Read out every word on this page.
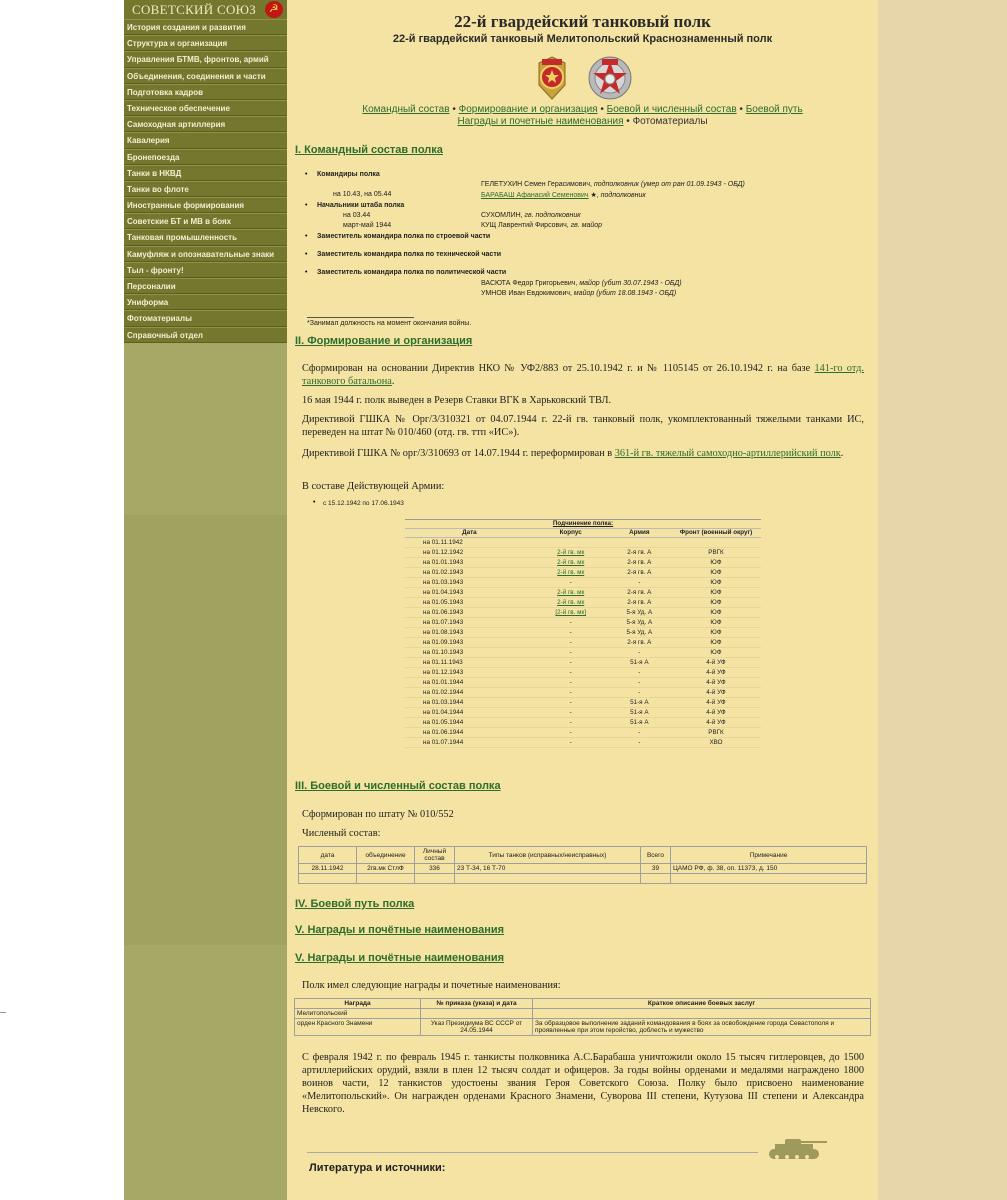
СОВЕТСКИЙ СОЮЗ	☭
История создания и развития
Структура и организация
Управления БТМВ, фронтов, армий
Объединения, соединения и части
Подготовка кадров
Техническое обеспечение
Самоходная артиллерия
Кавалерия
Бронепоезда
Танки в НКВД
Танки во флоте
Иностранные формирования
Советские БТ и МВ в боях
Танковая промышленность
Камуфляж и опознавательные знаки
Тыл - фронту!
Персоналии
Униформа
Фотоматериалы
Справочный отдел
22-й гвардейский танковый полк
22-й гвардейский танковый Мелитопольский Краснознаменный полк
Командный состав • Формирование и организация • Боевой и численный состав • Боевой путь
Награды и почетные наименования • Фотоматериалы
I. Командный состав полка
• Командиры полка
ГЕЛЕТУХИН Семен Герасимович, подполковник (умер от ран 01.09.1943 - ОБД)
на 10.43, на 05.44	БАРАБАШ Афанасий Семенович ★, подполковник
• Начальники штаба полка
на 03.44	СУХОМЛИН, гв. подполковник
март-май 1944	КУЩ Лаврентий Фирсович, гв. майор
• Заместитель командира полка по строевой части
• Заместитель командира полка по технической части
• Заместитель командира полка по политической части
ВАСЮТА Федор Григорьевич, майор (убит 30.07.1943 - ОБД)
УМНОВ Иван Евдокимович, майор (убит 18.08.1943 - ОБД)
*Занимал должность на момент окончания войны.
II. Формирование и организация
Сформирован на основании Директив НКО № УФ2/883 от 25.10.1942 г. и № 1105145 от 26.10.1942 г. на базе 141-го отд. танкового батальона.
16 мая 1944 г. полк выведен в Резерв Ставки ВГК в Харьковский ТВЛ.
Директивой ГШКА № Орг/3/310321 от 04.07.1944 г. 22-й гв. танковый полк, укомплектованный тяжелыми танками ИС, переведен на штат № 010/460 (отд. гв. ттп «ИС»).
Директивой ГШКА № орг/3/310693 от 14.07.1944 г. переформирован в 361-й гв. тяжелый самоходно-артиллерийский полк.
В составе Действующей Армии:
• с 15.12.1942 по 17.06.1943
Подчинение полка:			
Дата	Корпус	Армия	Фронт (военный округ)
на 01.11.1942			
на 01.12.1942	2-й гв. мк	2-я гв. А	РВГК
на 01.01.1943	2-й гв. мк	2-я гв. А	ЮФ
на 01.02.1943	2-й гв. мк	2-я гв. А	ЮФ
на 01.03.1943	-	-	ЮФ
на 01.04.1943	2-й гв. мк	2-я гв. А	ЮФ
на 01.05.1943	2-й гв. мк	2-я гв. А	ЮФ
на 01.06.1943	[2-й гв. мк]	5-я Уд. А	ЮФ
на 01.07.1943	-	5-я Уд. А	ЮФ
на 01.08.1943	-	5-я Уд. А	ЮФ
на 01.09.1943	-	2-я гв. А	ЮФ
на 01.10.1943	-	-	ЮФ
на 01.11.1943	-	51-я А	4-й УФ
на 01.12.1943	-	-	4-й УФ
на 01.01.1944	-	-	4-й УФ
на 01.02.1944	-	-	4-й УФ
на 01.03.1944	-	51-я А	4-й УФ
на 01.04.1944	-	51-я А	4-й УФ
на 01.05.1944	-	51-я А	4-й УФ
на 01.06.1944	-	-	РВГК
на 01.07.1944	-	-	ХВО
III. Боевой и численный состав полка
Сформирован по штату № 010/552
Численый состав:
дата	объединение	Личный состав	Типы танков (исправных/неисправных)	Всего	Примечание
28.11.1942	2гв.мк СтлФ	336	23 Т-34, 16 Т-70	39	ЦАМО РФ, ф. 38, оп. 11373, д. 150

IV. Боевой путь полка
V. Награды и почётные наименования
V. Награды и почётные наименования
Полк имел следующие награды и почетные наименования:
Награда	№ приказа (указа) и дата	Краткое описание боевых заслуг
Мелитопольский		
орден Красного Знамени	Указ Президиума ВС СССР от 24.05.1944	За образцовое выполнение заданий командования в боях за освобождение города Севастополя и проявленные при этом геройство, доблесть и мужество
С февраля 1942 г. по февраль 1945 г. танкисты полковника А.С.Барабаша уничтожили около 15 тысяч гитлеровцев, до 1500 артиллерийских орудий, взяли в плен 12 тысяч солдат и офицеров. За годы войны орденами и медалями награждено 1800 воинов части, 12 танкистов удостоены звания Героя Советского Союза. Полку было присвоено наименование «Мелитопольский». Он награжден орденами Красного Знамени, Суворова III степени, Кутузова III степени и Александра Невского.
Литература и источники:
